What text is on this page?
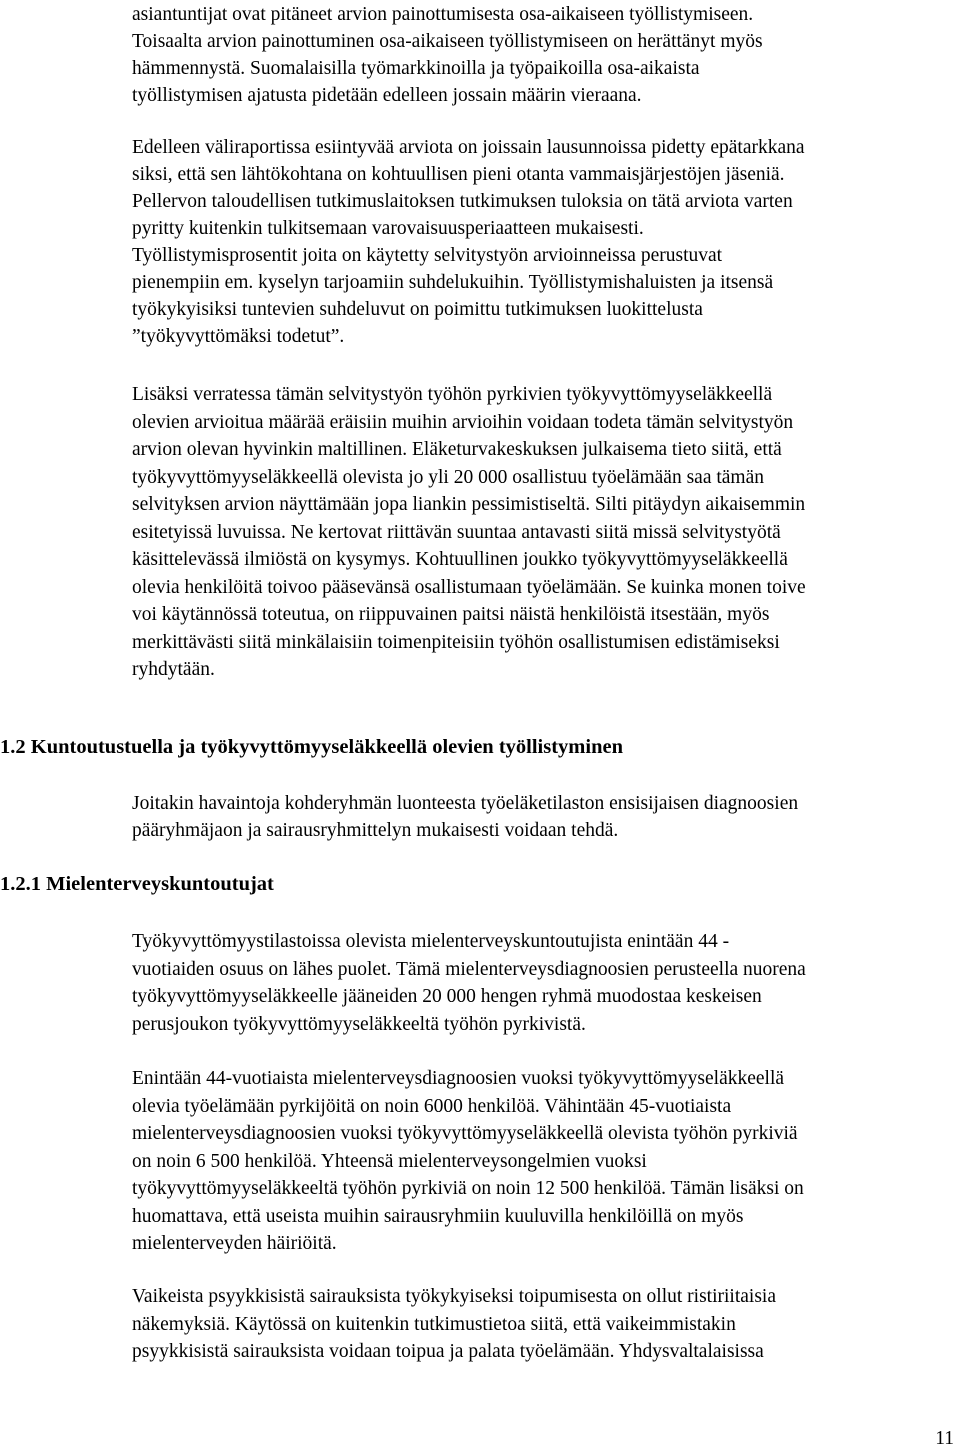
asiantuntijat ovat pitäneet arvion painottumisesta osa-aikaiseen työllistymiseen.
Toisaalta arvion painottuminen osa-aikaiseen työllistymiseen on herättänyt myös
hämmennystä. Suomalaisilla työmarkkinoilla ja työpaikoilla osa-aikaista
työllistymisen ajatusta pidetään edelleen jossain määrin vieraana.
Edelleen väliraportissa esiintyvää arviota on joissain lausunnoissa pidetty epätarkkana
siksi, että sen lähtökohtana on kohtuullisen pieni otanta vammaisjärjestöjen jäseniä.
Pellervon taloudellisen tutkimuslaitoksen tutkimuksen tuloksia on tätä arviota varten
pyritty kuitenkin tulkitsemaan varovaisuusperiaatteen mukaisesti.
Työllistymisprosentit joita on käytetty selvitystyön arvioinneissa perustuvat
pienempiin em. kyselyn tarjoamiin suhdelukuihin. Työllistymishaluisten ja itsensä
työkykyisiksi tuntevien suhdeluvut on poimittu tutkimuksen luokittelusta
”työkyvyttömäksi todetut”.
Lisäksi verratessa tämän selvitystyön työhön pyrkivien työkyvyttömyyseläkkeellä
olevien arvioitua määrää eräisiin muihin arvioihin voidaan todeta tämän selvitystyön
arvion olevan hyvinkin maltillinen. Eläketurvakeskuksen julkaisema tieto siitä, että
työkyvyttömyyseläkkeellä olevista jo yli 20 000 osallistuu työelämään saa tämän
selvityksen arvion näyttämään jopa liankin pessimistiseltä. Silti pitäydyn aikaisemmin
esitetyissä luvuissa. Ne kertovat riittävän suuntaa antavasti siitä missä selvitystyötä
käsittelevässä ilmiöstä on kysymys. Kohtuullinen joukko työkyvyttömyyseläkkeellä
olevia henkilöitä toivoo pääsevänsä osallistumaan työelämään. Se kuinka monen toive
voi käytännössä toteutua, on riippuvainen paitsi näistä henkilöistä itsestään, myös
merkittävästi siitä minkälaisiin toimenpiteisiin työhön osallistumisen edistämiseksi
ryhdytään.
1.2 Kuntoutustuella ja työkyvyttömyyseläkkeellä olevien työllistyminen
Joitakin havaintoja kohderyhmän luonteesta työeläketilaston ensisijaisen diagnoosien
pääryhmäjaon ja sairausryhmittelyn mukaisesti voidaan tehdä.
1.2.1 Mielenterveyskuntoutujat
Työkyvyttömyystilastoissa olevista mielenterveyskuntoutujista enintään 44 -
vuotiaiden osuus on lähes puolet. Tämä mielenterveysdiagnoosien perusteella nuorena
työkyvyttömyyseläkkeelle jääneiden 20 000 hengen ryhmä muodostaa keskeisen
perusjoukon työkyvyttömyyseläkkeeltä työhön pyrkivistä.
Enintään 44-vuotiaista mielenterveysdiagnoosien vuoksi työkyvyttömyyseläkkeellä
olevia työelämään pyrkijöitä on noin 6000 henkilöä. Vähintään 45-vuotiaista
mielenterveysdiagnoosien vuoksi työkyvyttömyyseläkkeellä olevista työhön pyrkiviä
on noin 6 500 henkilöä. Yhteensä mielenterveysongelmien vuoksi
työkyvyttömyyseläkkeeltä työhön pyrkiviä on noin 12 500 henkilöä. Tämän lisäksi on
huomattava, että useista muihin sairausryhmiin kuuluvilla henkilöillä on myös
mielenterveyden häiriöitä.
Vaikeista psyykkisistä sairauksista työkykyiseksi toipumisesta on ollut ristiriitaisia
näkemyksiä. Käytössä on kuitenkin tutkimustietoa siitä, että vaikeimmistakin
psyykkisistä sairauksista voidaan toipua ja palata työelämään. Yhdysvaltalaisissa
11
